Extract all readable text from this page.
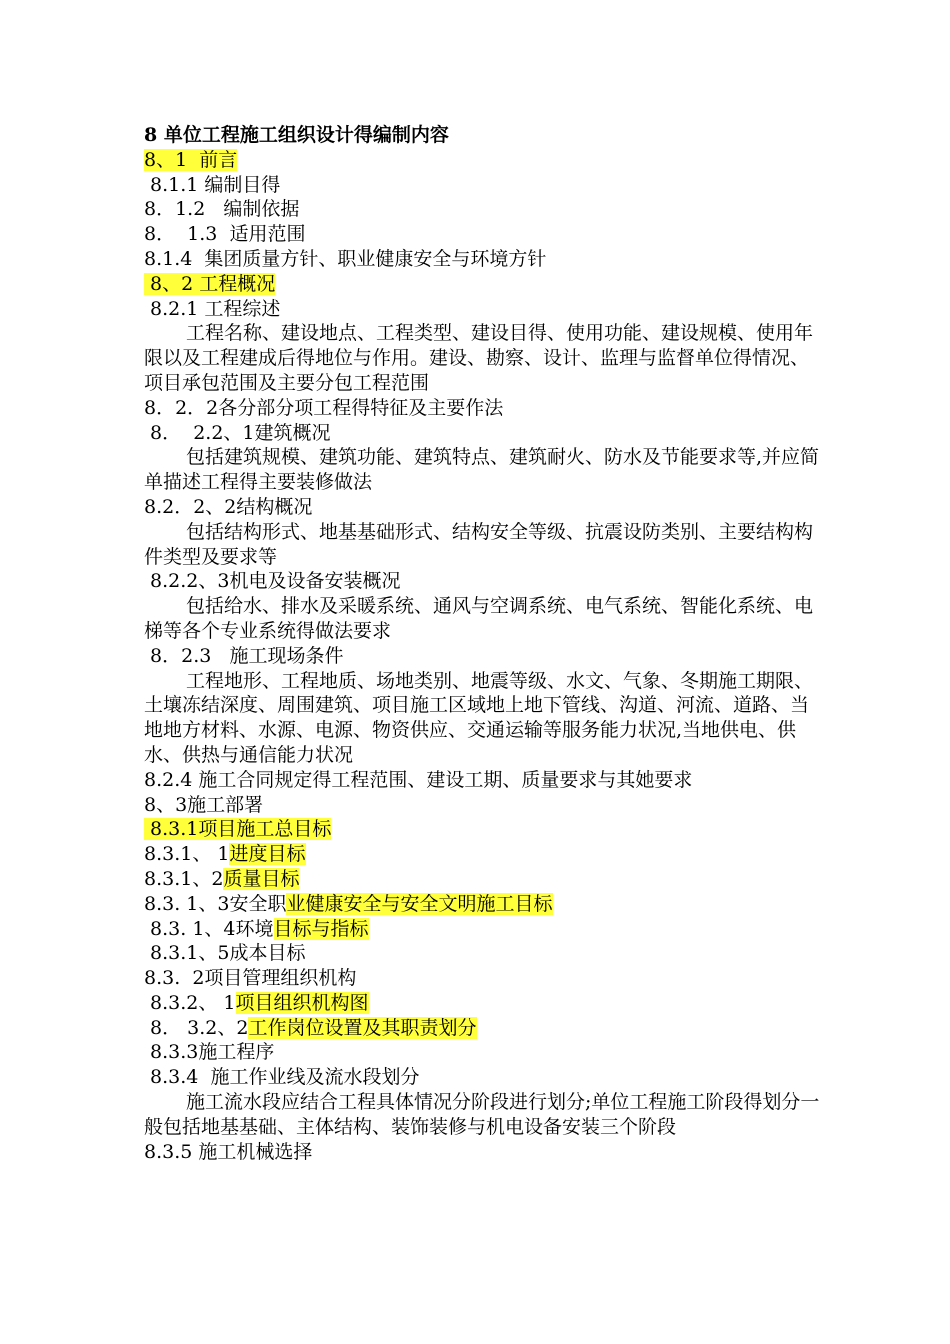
8 单位工程施工组织设计得编制内容
8、1  前言
8.1.1 编制目得
8．1.2   编制依据
8．  1.3  适用范围
8.1.4  集团质量方针、职业健康安全与环境方针
8、2 工程概况
8.2.1 工程综述
工程名称、建设地点、工程类型、建设目得、使用功能、建设规模、使用年限以及工程建成后得地位与作用。建设、勘察、设计、监理与监督单位得情况、项目承包范围及主要分包工程范围
8．2．2各分部分项工程得特征及主要作法
8．  2.2、1建筑概况
包括建筑规模、建筑功能、建筑特点、建筑耐火、防水及节能要求等,并应简单描述工程得主要装修做法
8.2．2、2结构概况
包括结构形式、地基基础形式、结构安全等级、抗震设防类别、主要结构构件类型及要求等
8.2.2、3机电及设备安装概况
包括给水、排水及采暖系统、通风与空调系统、电气系统、智能化系统、电梯等各个专业系统得做法要求
8．2.3   施工现场条件
工程地形、工程地质、场地类别、地震等级、水文、气象、冬期施工期限、土壤冻结深度、周围建筑、项目施工区域地上地下管线、沟道、河流、道路、当地地方材料、水源、电源、物资供应、交通运输等服务能力状况,当地供电、供水、供热与通信能力状况
8.2.4 施工合同规定得工程范围、建设工期、质量要求与其她要求
8、3施工部署
8.3.1项目施工总目标
8.3.1、 1进度目标
8.3.1、2质量目标
8.3. 1、3安全职业健康安全与安全文明施工目标
8.3. 1、4环境目标与指标
8.3.1、5成本目标
8.3.  2项目管理组织机构
8.3.2、 1项目组织机构图
8． 3.2、2工作岗位设置及其职责划分
8.3.3施工程序
8.3.4  施工作业线及流水段划分
施工流水段应结合工程具体情况分阶段进行划分;单位工程施工阶段得划分一般包括地基基础、主体结构、装饰装修与机电设备安装三个阶段
8.3.5 施工机械选择
